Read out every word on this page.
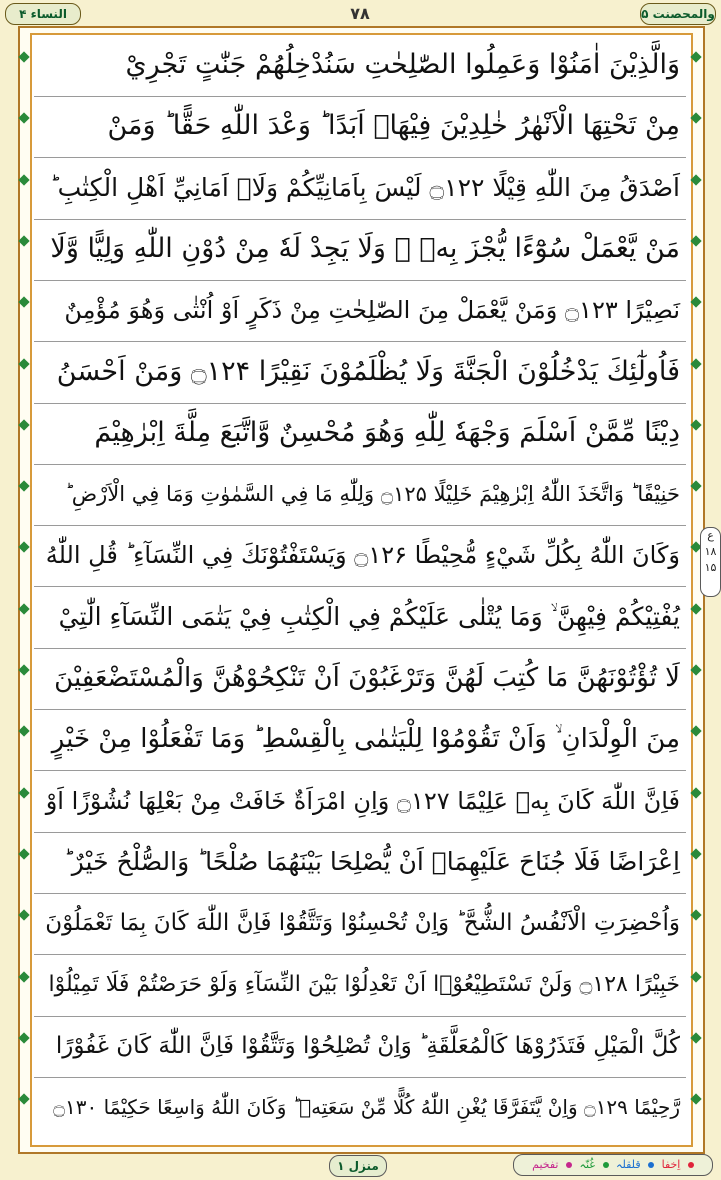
النساء ۴	۷۸	والمحصنت ۵
وَالَّذِيْنَ اٰمَنُوْا وَعَمِلُوا الصّٰلِحٰتِ سَنُدْخِلُهُمْ جَنّٰتٍ تَجْرِيْ
مِنْ تَحْتِهَا الْاَنْهٰرُ خٰلِدِيْنَ فِيْهَاۤ اَبَدًا ؕ وَعْدَ اللّٰهِ حَقًّا ؕ وَمَنْ
اَصْدَقُ مِنَ اللّٰهِ قِيْلًا ۝۱۲۲ لَيْسَ بِاَمَانِيِّكُمْ وَلَاۤ اَمَانِيِّ اَهْلِ الْكِتٰبِ ؕ
مَنْ يَّعْمَلْ سُوْٓءًا يُّجْزَ بِهٖ ۙ وَلَا يَجِدْ لَهٗ مِنْ دُوْنِ اللّٰهِ وَلِيًّا وَّلَا
نَصِيْرًا ۝۱۲۳ وَمَنْ يَّعْمَلْ مِنَ الصّٰلِحٰتِ مِنْ ذَكَرٍ اَوْ اُنْثٰى وَهُوَ مُؤْمِنٌ
فَاُولٰٓئِكَ يَدْخُلُوْنَ الْجَنَّةَ وَلَا يُظْلَمُوْنَ نَقِيْرًا ۝۱۲۴ وَمَنْ اَحْسَنُ
دِيْنًا مِّمَّنْ اَسْلَمَ وَجْهَهٗ لِلّٰهِ وَهُوَ مُحْسِنٌ وَّاتَّبَعَ مِلَّةَ اِبْرٰهِيْمَ
حَنِيْفًا ؕ وَاتَّخَذَ اللّٰهُ اِبْرٰهِيْمَ خَلِيْلًا ۝۱۲۵ وَلِلّٰهِ مَا فِي السَّمٰوٰتِ وَمَا فِي الْاَرْضِ ؕ
وَكَانَ اللّٰهُ بِكُلِّ شَيْءٍ مُّحِيْطًا ۝۱۲۶ وَيَسْتَفْتُوْنَكَ فِي النِّسَآءِ ؕ قُلِ اللّٰهُ
يُفْتِيْكُمْ فِيْهِنَّ ۙ وَمَا يُتْلٰى عَلَيْكُمْ فِي الْكِتٰبِ فِيْ يَتٰمَى النِّسَآءِ الّٰتِيْ
لَا تُؤْتُوْنَهُنَّ مَا كُتِبَ لَهُنَّ وَتَرْغَبُوْنَ اَنْ تَنْكِحُوْهُنَّ وَالْمُسْتَضْعَفِيْنَ
مِنَ الْوِلْدَانِ ۙ وَاَنْ تَقُوْمُوْا لِلْيَتٰمٰى بِالْقِسْطِ ؕ وَمَا تَفْعَلُوْا مِنْ خَيْرٍ
فَاِنَّ اللّٰهَ كَانَ بِهٖ عَلِيْمًا ۝۱۲۷ وَاِنِ امْرَاَةٌ خَافَتْ مِنْ بَعْلِهَا نُشُوْزًا اَوْ
اِعْرَاضًا فَلَا جُنَاحَ عَلَيْهِمَاۤ اَنْ يُّصْلِحَا بَيْنَهُمَا صُلْحًا ؕ وَالصُّلْحُ خَيْرٌ ؕ
وَاُحْضِرَتِ الْاَنْفُسُ الشُّحَّ ؕ وَاِنْ تُحْسِنُوْا وَتَتَّقُوْا فَاِنَّ اللّٰهَ كَانَ بِمَا تَعْمَلُوْنَ
خَبِيْرًا ۝۱۲۸ وَلَنْ تَسْتَطِيْعُوْۤا اَنْ تَعْدِلُوْا بَيْنَ النِّسَآءِ وَلَوْ حَرَصْتُمْ فَلَا تَمِيْلُوْا
كُلَّ الْمَيْلِ فَتَذَرُوْهَا كَالْمُعَلَّقَةِ ؕ وَاِنْ تُصْلِحُوْا وَتَتَّقُوْا فَاِنَّ اللّٰهَ كَانَ غَفُوْرًا
رَّحِيْمًا ۝۱۲۹ وَاِنْ يَّتَفَرَّقَا يُغْنِ اللّٰهُ كُلًّا مِّنْ سَعَتِهٖ ؕ وَكَانَ اللّٰهُ وَاسِعًا حَكِيْمًا ۝۱۳۰
ع
۱۸
۱۵
منزل ۱	اِخفا  قلقلہ  غُنّہ  تفخیم
